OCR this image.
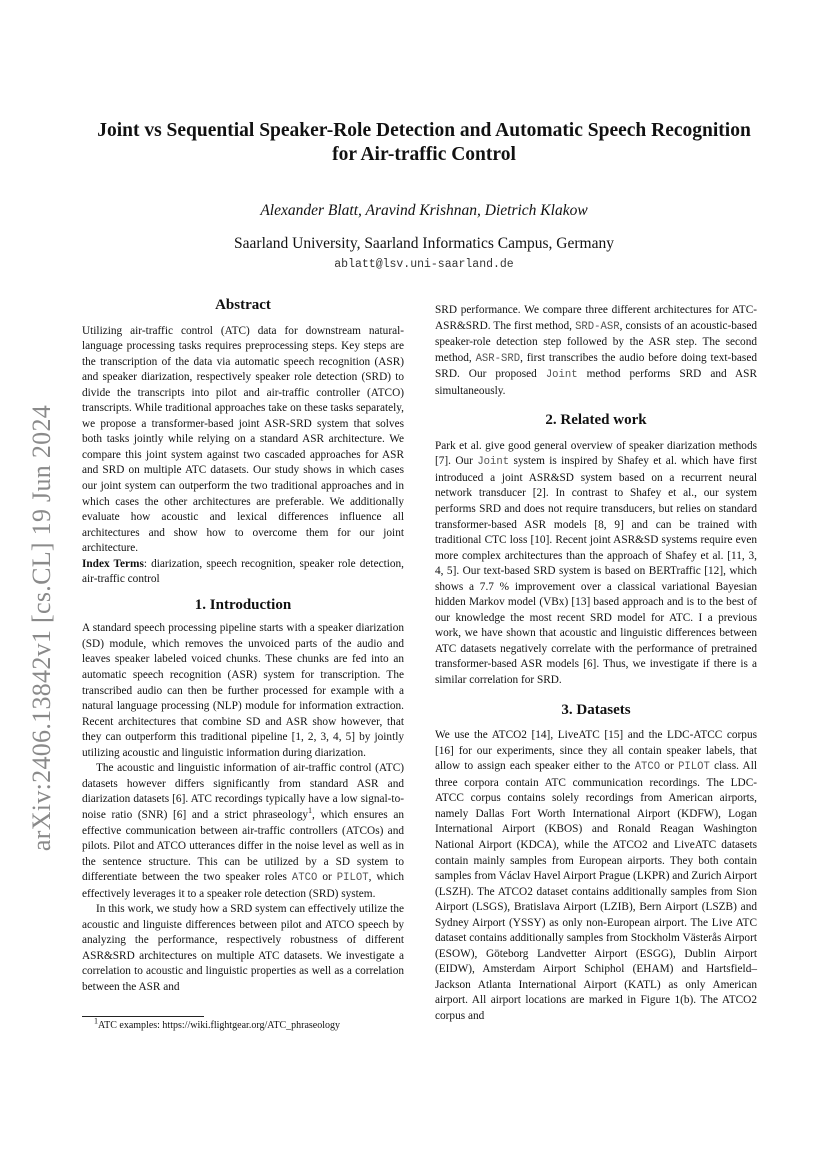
arXiv:2406.13842v1 [cs.CL] 19 Jun 2024
Joint vs Sequential Speaker-Role Detection and Automatic Speech Recognition for Air-traffic Control
Alexander Blatt, Aravind Krishnan, Dietrich Klakow
Saarland University, Saarland Informatics Campus, Germany
ablatt@lsv.uni-saarland.de
Abstract

Utilizing air-traffic control (ATC) data for downstream natural-language processing tasks requires preprocessing steps. Key steps are the transcription of the data via automatic speech recognition (ASR) and speaker diarization, respectively speaker role detection (SRD) to divide the transcripts into pilot and air-traffic controller (ATCO) transcripts. While traditional approaches take on these tasks separately, we propose a transformer-based joint ASR-SRD system that solves both tasks jointly while relying on a standard ASR architecture. We compare this joint system against two cascaded approaches for ASR and SRD on multiple ATC datasets. Our study shows in which cases our joint system can outperform the two traditional approaches and in which cases the other architectures are preferable. We additionally evaluate how acoustic and lexical differences influence all architectures and show how to overcome them for our joint architecture.

Index Terms: diarization, speech recognition, speaker role detection, air-traffic control

1. Introduction

A standard speech processing pipeline starts with a speaker diarization (SD) module, which removes the unvoiced parts of the audio and leaves speaker labeled voiced chunks. These chunks are fed into an automatic speech recognition (ASR) system for transcription. The transcribed audio can then be further processed for example with a natural language processing (NLP) module for information extraction. Recent architectures that combine SD and ASR show however, that they can outperform this traditional pipeline [1, 2, 3, 4, 5] by jointly utilizing acoustic and linguistic information during diarization.

The acoustic and linguistic information of air-traffic control (ATC) datasets however differs significantly from standard ASR and diarization datasets [6]. ATC recordings typically have a low signal-to-noise ratio (SNR) [6] and a strict phraseology$^1$, which ensures an effective communication between air-traffic controllers (ATCOs) and pilots. Pilot and ATCO utterances differ in the noise level as well as in the sentence structure. This can be utilized by a SD system to differentiate between the two speaker roles ATCO or PILOT, which effectively leverages it to a speaker role detection (SRD) system.

In this work, we study how a SRD system can effectively utilize the acoustic and linguiste differences between pilot and ATCO speech by analyzing the performance, respectively robustness of different ASR&SRD architectures on multiple ATC datasets. We investigate a correlation to acoustic and linguistic properties as well as a correlation between the ASR and

$^1$ATC examples: https://wiki.flightgear.org/ATC_phraseology

SRD performance. We compare three different architectures for ATC-ASR&SRD. The first method, SRD-ASR, consists of an acoustic-based speaker-role detection step followed by the ASR step. The second method, ASR-SRD, first transcribes the audio before doing text-based SRD. Our proposed Joint method performs SRD and ASR simultaneously.

2. Related work

Park et al. give good general overview of speaker diarization methods [7]. Our Joint system is inspired by Shafey et al. which have first introduced a joint ASR&SD system based on a recurrent neural network transducer [2]. In contrast to Shafey et al., our system performs SRD and does not require transducers, but relies on standard transformer-based ASR models [8, 9] and can be trained with traditional CTC loss [10]. Recent joint ASR&SD systems require even more complex architectures than the approach of Shafey et al. [11, 3, 4, 5]. Our text-based SRD system is based on BERTraffic [12], which shows a 7.7 % improvement over a classical variational Bayesian hidden Markov model (VBx) [13] based approach and is to the best of our knowledge the most recent SRD model for ATC. I a previous work, we have shown that acoustic and linguistic differences between ATC datasets negatively correlate with the performance of pretrained transformer-based ASR models [6]. Thus, we investigate if there is a similar correlation for SRD.

3. Datasets

We use the ATCO2 [14], LiveATC [15] and the LDC-ATCC corpus [16] for our experiments, since they all contain speaker labels, that allow to assign each speaker either to the ATCO or PILOT class. All three corpora contain ATC communication recordings. The LDC-ATCC corpus contains solely recordings from American airports, namely Dallas Fort Worth International Airport (KDFW), Logan International Airport (KBOS) and Ronald Reagan Washington National Airport (KDCA), while the ATCO2 and LiveATC datasets contain mainly samples from European airports. They both contain samples from Václav Havel Airport Prague (LKPR) and Zurich Airport (LSZH). The ATCO2 dataset contains additionally samples from Sion Airport (LSGS), Bratislava Airport (LZIB), Bern Airport (LSZB) and Sydney Airport (YSSY) as only non-European airport. The Live ATC dataset contains additionally samples from Stockholm Västerås Airport (ESOW), Göteborg Landvetter Airport (ESGG), Dublin Airport (EIDW), Amsterdam Airport Schiphol (EHAM) and Hartsfield–Jackson Atlanta International Airport (KATL) as only American airport. All airport locations are marked in Figure 1(b). The ATCO2 corpus and
